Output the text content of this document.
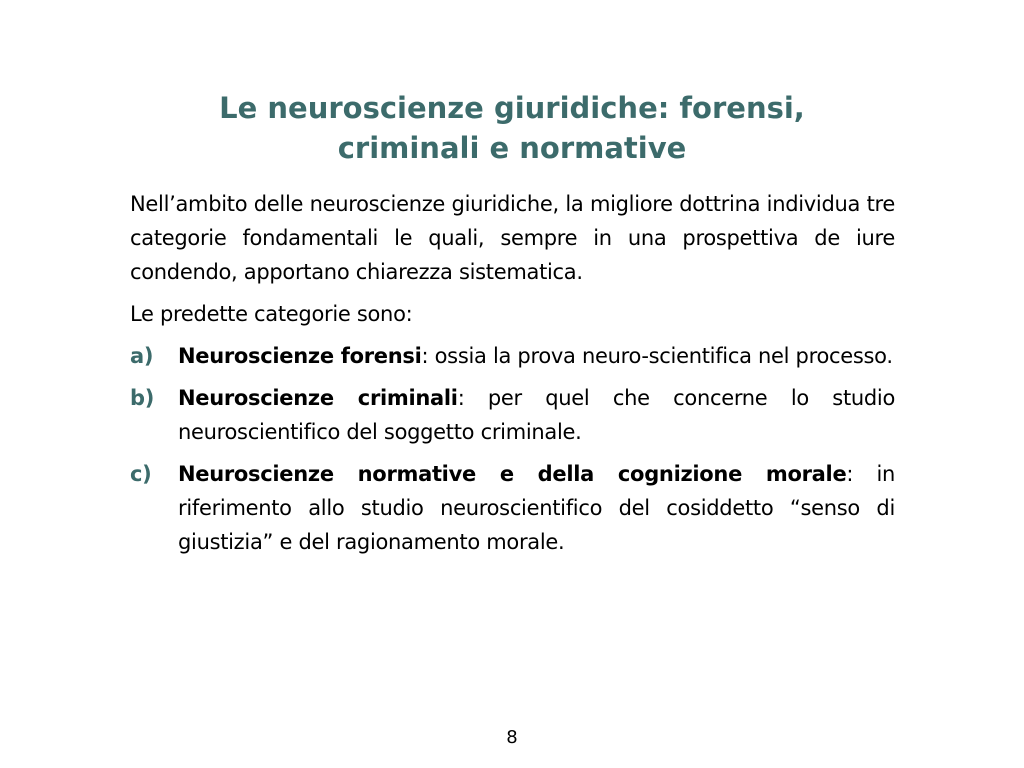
Le neuroscienze giuridiche: forensi,
criminali e normative

Nell’ambito delle neuroscienze giuridiche, la migliore dottrina individua tre categorie fondamentali le quali, sempre in una prospettiva de iure condendo, apportano chiarezza sistematica.

Le predette categorie sono:

a) Neuroscienze forensi: ossia la prova neuro-scientifica nel processo.
b) Neuroscienze criminali: per quel che concerne lo studio neuroscientifico del soggetto criminale.
c) Neuroscienze normative e della cognizione morale: in riferimento allo studio neuroscientifico del cosiddetto “senso di giustizia” e del ragionamento morale.
8
